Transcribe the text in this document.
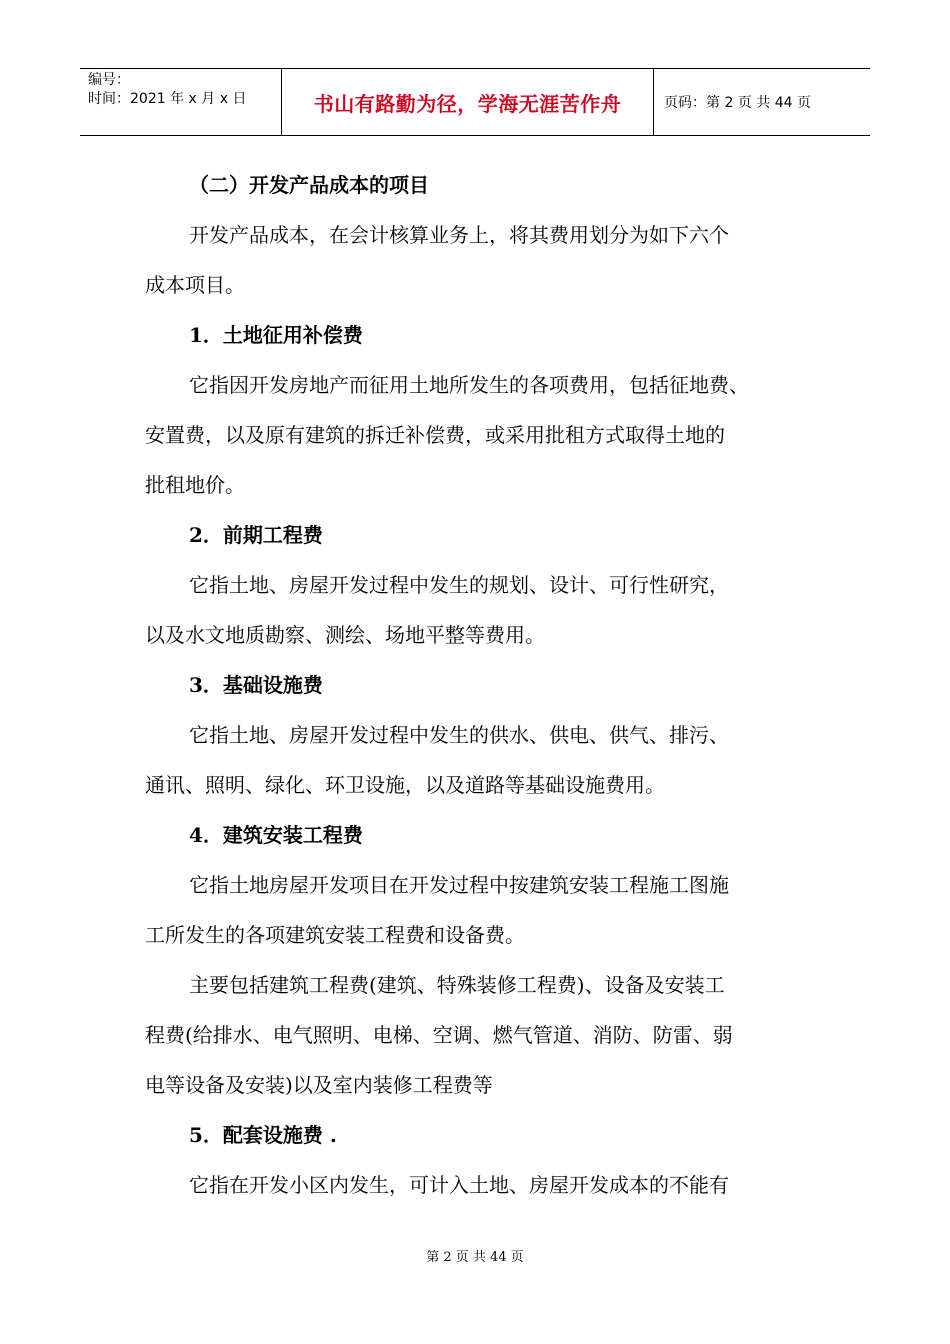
编号：
时间：2021 年 x 月 x 日	书山有路勤为径，学海无涯苦作舟	页码：第 2 页 共 44 页
（二）开发产品成本的项目
开发产品成本，在会计核算业务上，将其费用划分为如下六个
成本项目。
1．土地征用补偿费
它指因开发房地产而征用土地所发生的各项费用，包括征地费、
安置费，以及原有建筑的拆迁补偿费，或采用批租方式取得土地的
批租地价。
2．前期工程费
它指土地、房屋开发过程中发生的规划、设计、可行性研究，
以及水文地质勘察、测绘、场地平整等费用。
3．基础设施费
它指土地、房屋开发过程中发生的供水、供电、供气、排污、
通讯、照明、绿化、环卫设施，以及道路等基础设施费用。
4．建筑安装工程费
它指土地房屋开发项目在开发过程中按建筑安装工程施工图施
工所发生的各项建筑安装工程费和设备费。
主要包括建筑工程费(建筑、特殊装修工程费)、设备及安装工
程费(给排水、电气照明、电梯、空调、燃气管道、消防、防雷、弱
电等设备及安装)以及室内装修工程费等
5．配套设施费 .
它指在开发小区内发生，可计入土地、房屋开发成本的不能有
第 2 页 共 44 页
